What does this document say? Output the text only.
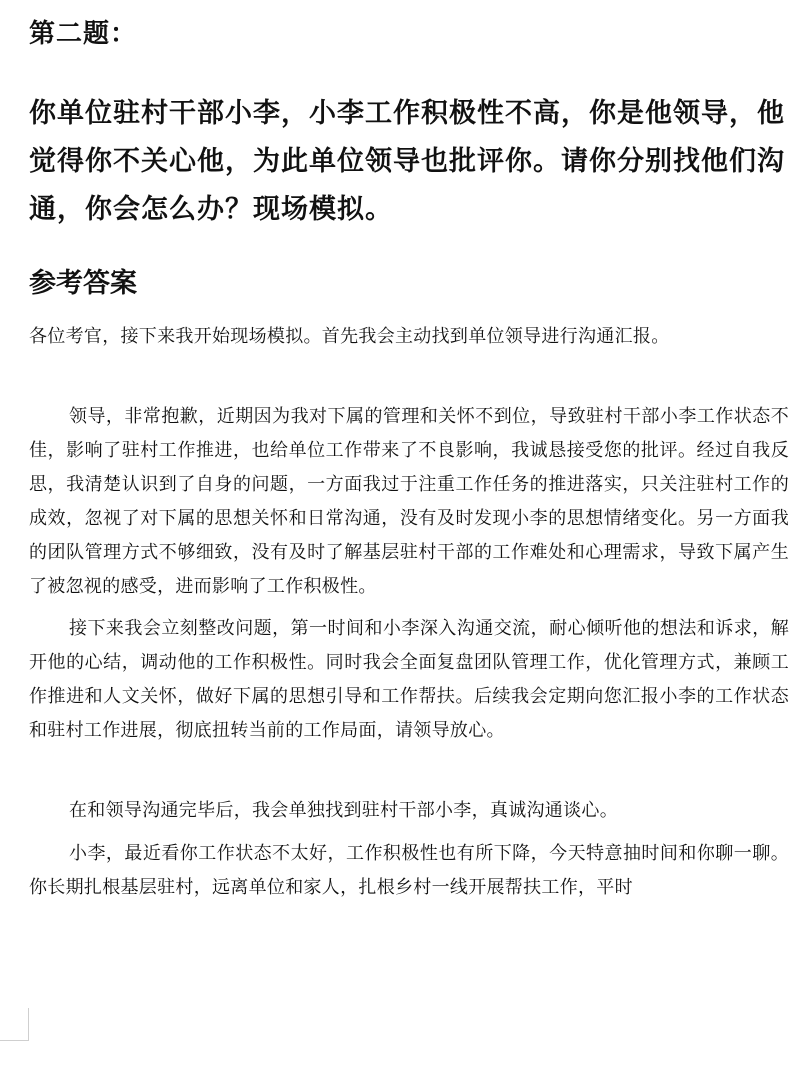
第二题：

你单位驻村干部小李，小李工作积极性不高，你是他领导，他觉得你不关心他，为此单位领导也批评你。请你分别找他们沟通，你会怎么办？现场模拟。

参考答案

各位考官，接下来我开始现场模拟。首先我会主动找到单位领导进行沟通汇报。

领导，非常抱歉，近期因为我对下属的管理和关怀不到位，导致驻村干部小李工作状态不佳，影响了驻村工作推进，也给单位工作带来了不良影响，我诚恳接受您的批评。经过自我反思，我清楚认识到了自身的问题，一方面我过于注重工作任务的推进落实，只关注驻村工作的成效，忽视了对下属的思想关怀和日常沟通，没有及时发现小李的思想情绪变化。另一方面我的团队管理方式不够细致，没有及时了解基层驻村干部的工作难处和心理需求，导致下属产生了被忽视的感受，进而影响了工作积极性。

接下来我会立刻整改问题，第一时间和小李深入沟通交流，耐心倾听他的想法和诉求，解开他的心结，调动他的工作积极性。同时我会全面复盘团队管理工作，优化管理方式，兼顾工作推进和人文关怀，做好下属的思想引导和工作帮扶。后续我会定期向您汇报小李的工作状态和驻村工作进展，彻底扭转当前的工作局面，请领导放心。

在和领导沟通完毕后，我会单独找到驻村干部小李，真诚沟通谈心。

小李，最近看你工作状态不太好，工作积极性也有所下降，今天特意抽时间和你聊一聊。你长期扎根基层驻村，远离单位和家人，扎根乡村一线开展帮扶工作，平时
